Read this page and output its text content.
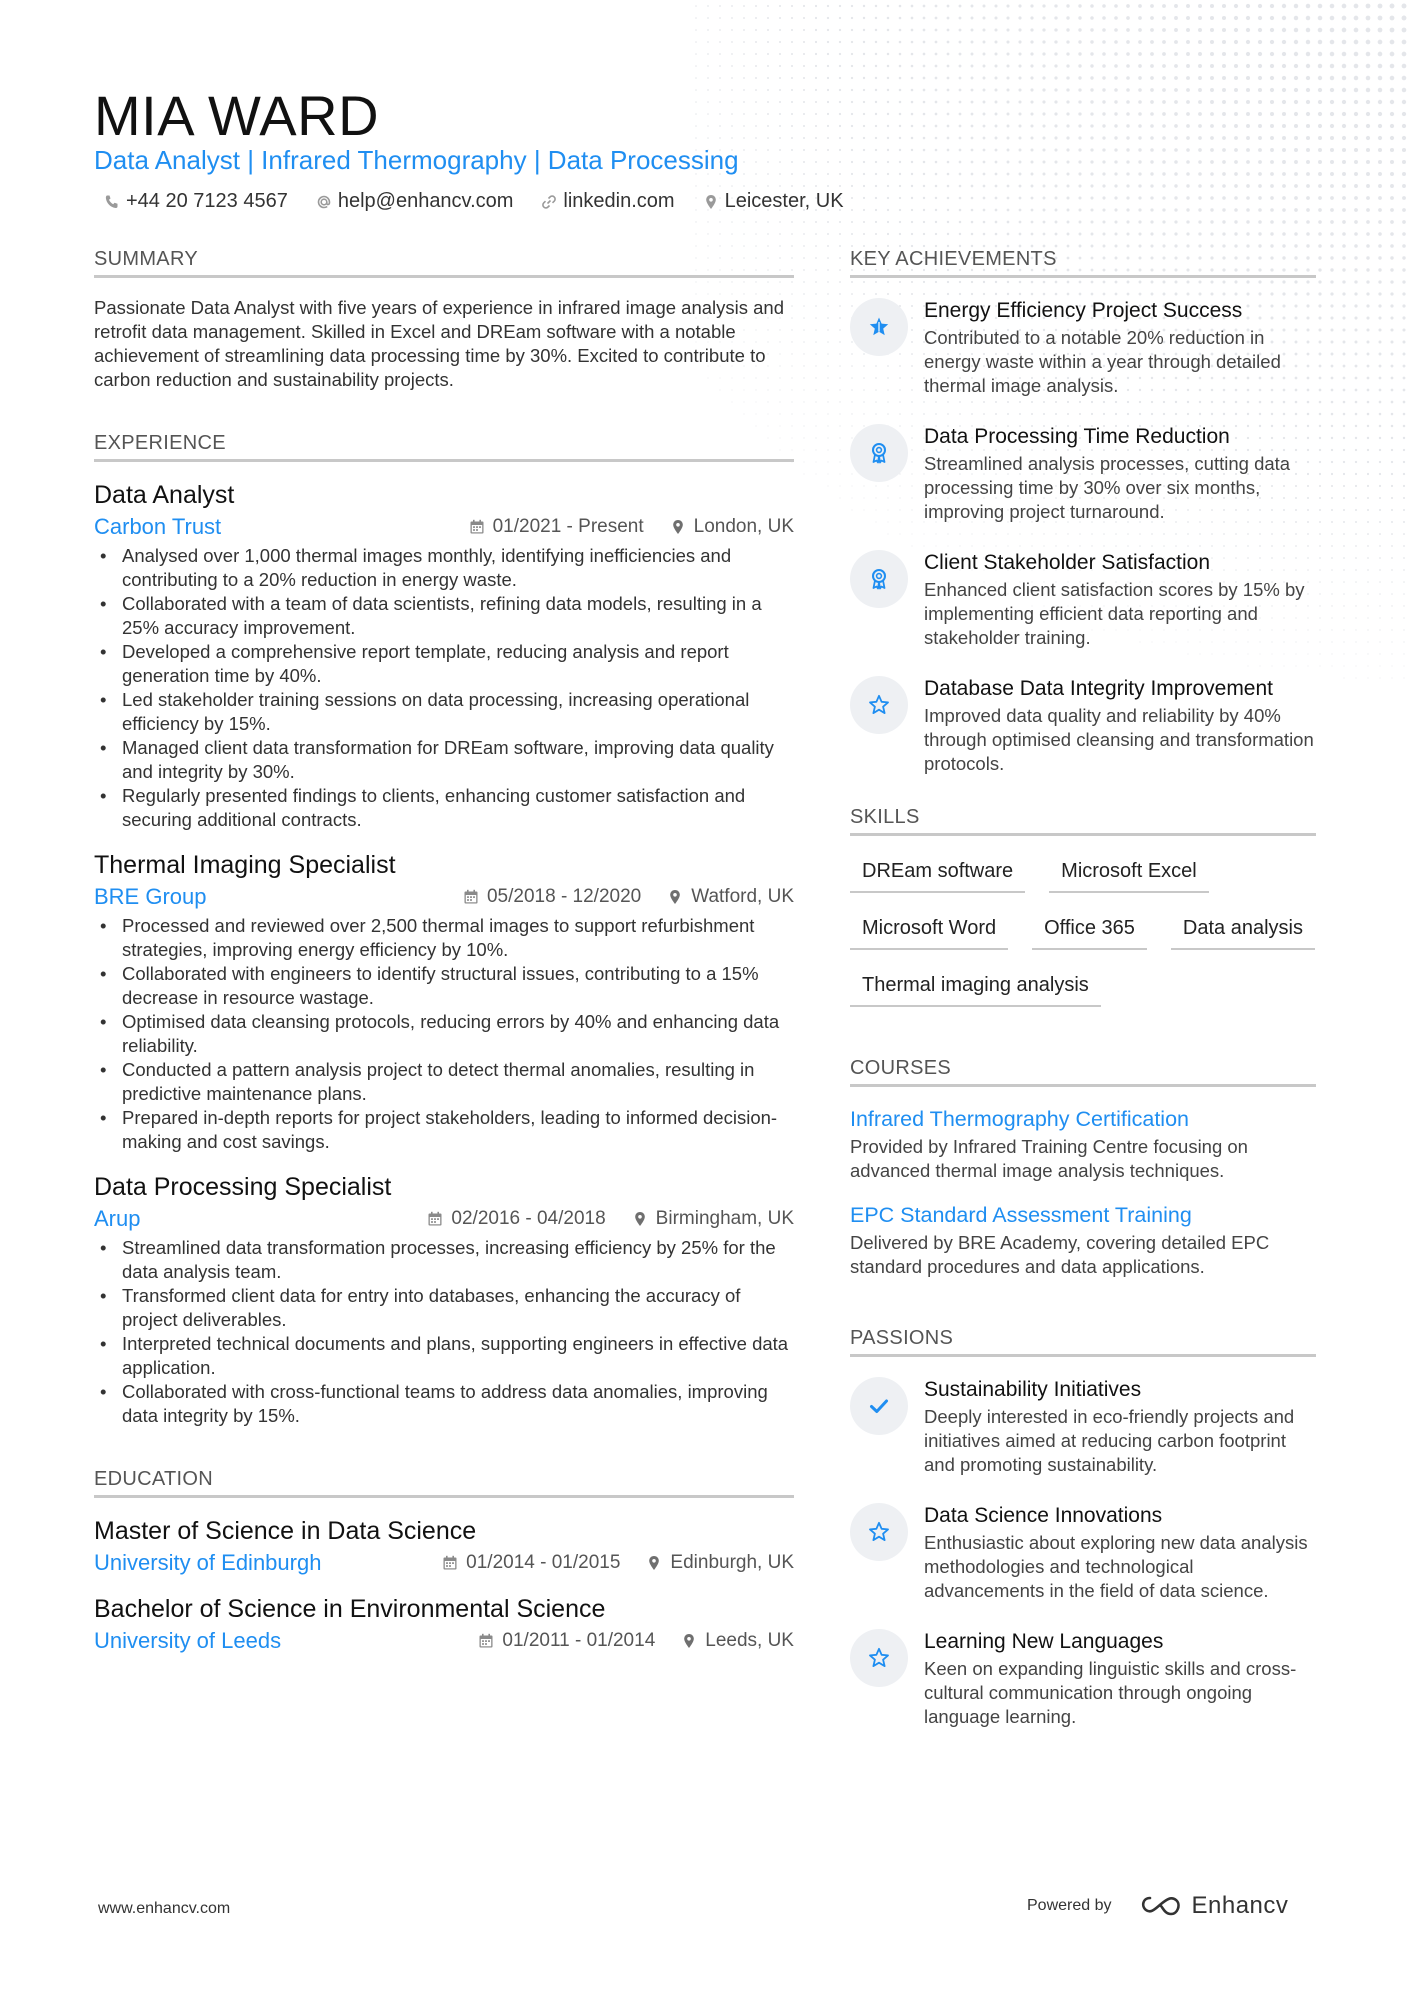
MIA WARD
Data Analyst | Infrared Thermography | Data Processing
+44 20 7123 4567	help@enhancv.com	linkedin.com	Leicester, UK
SUMMARY

Passionate Data Analyst with five years of experience in infrared image analysis and retrofit data management. Skilled in Excel and DREam software with a notable achievement of streamlining data processing time by 30%. Excited to contribute to carbon reduction and sustainability projects.

EXPERIENCE
Data Analyst
Carbon Trust	01/2021 - Present	London, UK
• Analysed over 1,000 thermal images monthly, identifying inefficiencies and contributing to a 20% reduction in energy waste.
• Collaborated with a team of data scientists, refining data models, resulting in a 25% accuracy improvement.
• Developed a comprehensive report template, reducing analysis and report generation time by 40%.
• Led stakeholder training sessions on data processing, increasing operational efficiency by 15%.
• Managed client data transformation for DREam software, improving data quality and integrity by 30%.
• Regularly presented findings to clients, enhancing customer satisfaction and securing additional contracts.
Thermal Imaging Specialist
BRE Group	05/2018 - 12/2020	Watford, UK
• Processed and reviewed over 2,500 thermal images to support refurbishment strategies, improving energy efficiency by 10%.
• Collaborated with engineers to identify structural issues, contributing to a 15% decrease in resource wastage.
• Optimised data cleansing protocols, reducing errors by 40% and enhancing data reliability.
• Conducted a pattern analysis project to detect thermal anomalies, resulting in predictive maintenance plans.
• Prepared in-depth reports for project stakeholders, leading to informed decision-making and cost savings.
Data Processing Specialist
Arup	02/2016 - 04/2018	Birmingham, UK
• Streamlined data transformation processes, increasing efficiency by 25% for the data analysis team.
• Transformed client data for entry into databases, enhancing the accuracy of project deliverables.
• Interpreted technical documents and plans, supporting engineers in effective data application.
• Collaborated with cross-functional teams to address data anomalies, improving data integrity by 15%.
EDUCATION
Master of Science in Data Science
University of Edinburgh	01/2014 - 01/2015	Edinburgh, UK
Bachelor of Science in Environmental Science
University of Leeds	01/2011 - 01/2014	Leeds, UK
KEY ACHIEVEMENTS
Energy Efficiency Project Success
Contributed to a notable 20% reduction in energy waste within a year through detailed thermal image analysis.
Data Processing Time Reduction
Streamlined analysis processes, cutting data processing time by 30% over six months, improving project turnaround.
Client Stakeholder Satisfaction
Enhanced client satisfaction scores by 15% by implementing efficient data reporting and stakeholder training.
Database Data Integrity Improvement
Improved data quality and reliability by 40% through optimised cleansing and transformation protocols.
SKILLS
DREam software	Microsoft Excel
Microsoft Word	Office 365	Data analysis
Thermal imaging analysis
COURSES
Infrared Thermography Certification
Provided by Infrared Training Centre focusing on advanced thermal image analysis techniques.
EPC Standard Assessment Training
Delivered by BRE Academy, covering detailed EPC standard procedures and data applications.
PASSIONS
Sustainability Initiatives
Deeply interested in eco-friendly projects and initiatives aimed at reducing carbon footprint and promoting sustainability.
Data Science Innovations
Enthusiastic about exploring new data analysis methodologies and technological advancements in the field of data science.
Learning New Languages
Keen on expanding linguistic skills and cross-cultural communication through ongoing language learning.
www.enhancv.com	Powered by	Enhancv
